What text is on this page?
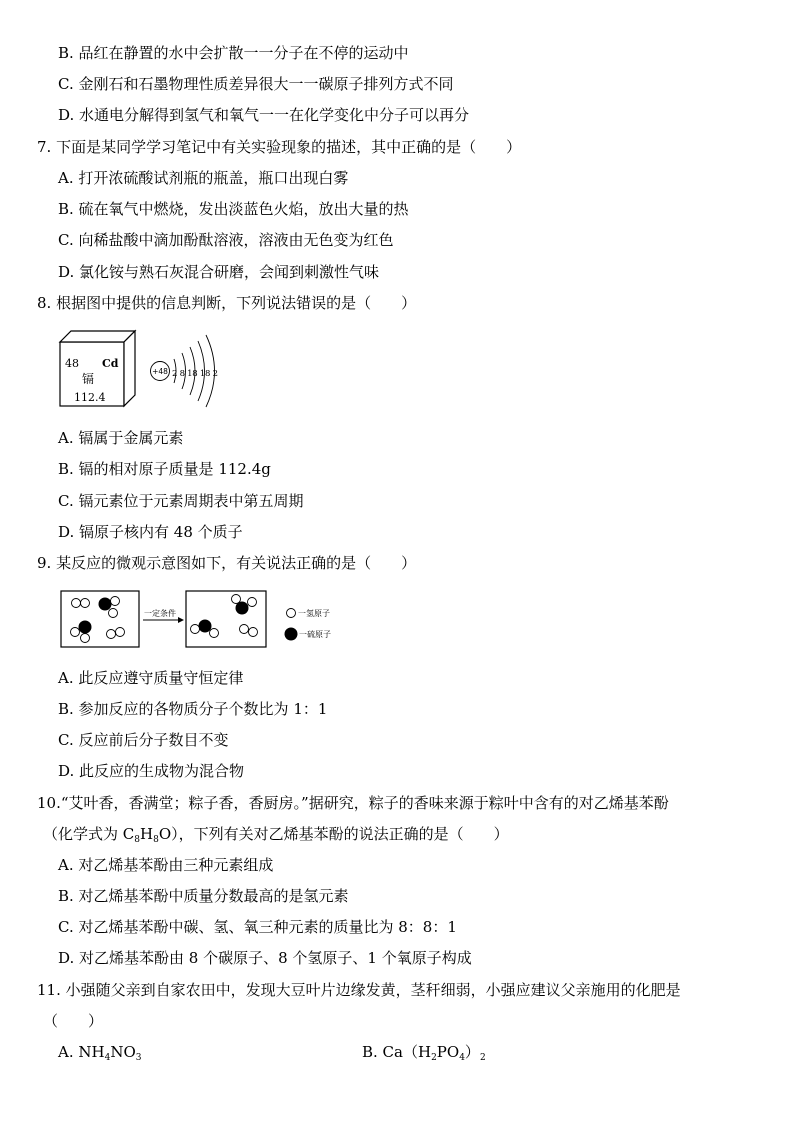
B. 品红在静置的水中会扩散一一分子在不停的运动中
C. 金刚石和石墨物理性质差异很大一一碳原子排列方式不同
D. 水通电分解得到氢气和氧气一一在化学变化中分子可以再分
7. 下面是某同学学习笔记中有关实验现象的描述，其中正确的是（　　）
A. 打开浓硫酸试剂瓶的瓶盖，瓶口出现白雾
B. 硫在氧气中燃烧，发出淡蓝色火焰，放出大量的热
C. 向稀盐酸中滴加酚酞溶液，溶液由无色变为红色
D. 氯化铵与熟石灰混合研磨，会闻到刺激性气味
8. 根据图中提供的信息判断，下列说法错误的是（　　）
48 Cd
镉
112.4
+48 2 8 18 18 2
A. 镉属于金属元素
B. 镉的相对原子质量是 112.4g
C. 镉元素位于元素周期表中第五周期
D. 镉原子核内有 48 个质子
9. 某反应的微观示意图如下，有关说法正确的是（　　）
一定条件	一氢原子
一硫原子
A. 此反应遵守质量守恒定律
B. 参加反应的各物质分子个数比为 1：1
C. 反应前后分子数目不变
D. 此反应的生成物为混合物
10.“艾叶香，香满堂；粽子香，香厨房。”据研究，粽子的香味来源于粽叶中含有的对乙烯基苯酚
（化学式为 $C_8H_8O$），下列有关对乙烯基苯酚的说法正确的是（　　）
A. 对乙烯基苯酚由三种元素组成
B. 对乙烯基苯酚中质量分数最高的是氢元素
C. 对乙烯基苯酚中碳、氢、氧三种元素的质量比为 8：8：1
D. 对乙烯基苯酚由 8 个碳原子、8 个氢原子、1 个氧原子构成
11. 小强随父亲到自家农田中，发现大豆叶片边缘发黄，茎秆细弱，小强应建议父亲施用的化肥是
（　　）
A. $NH_4NO_3$	B. $Ca(H_2PO_4)_2$
